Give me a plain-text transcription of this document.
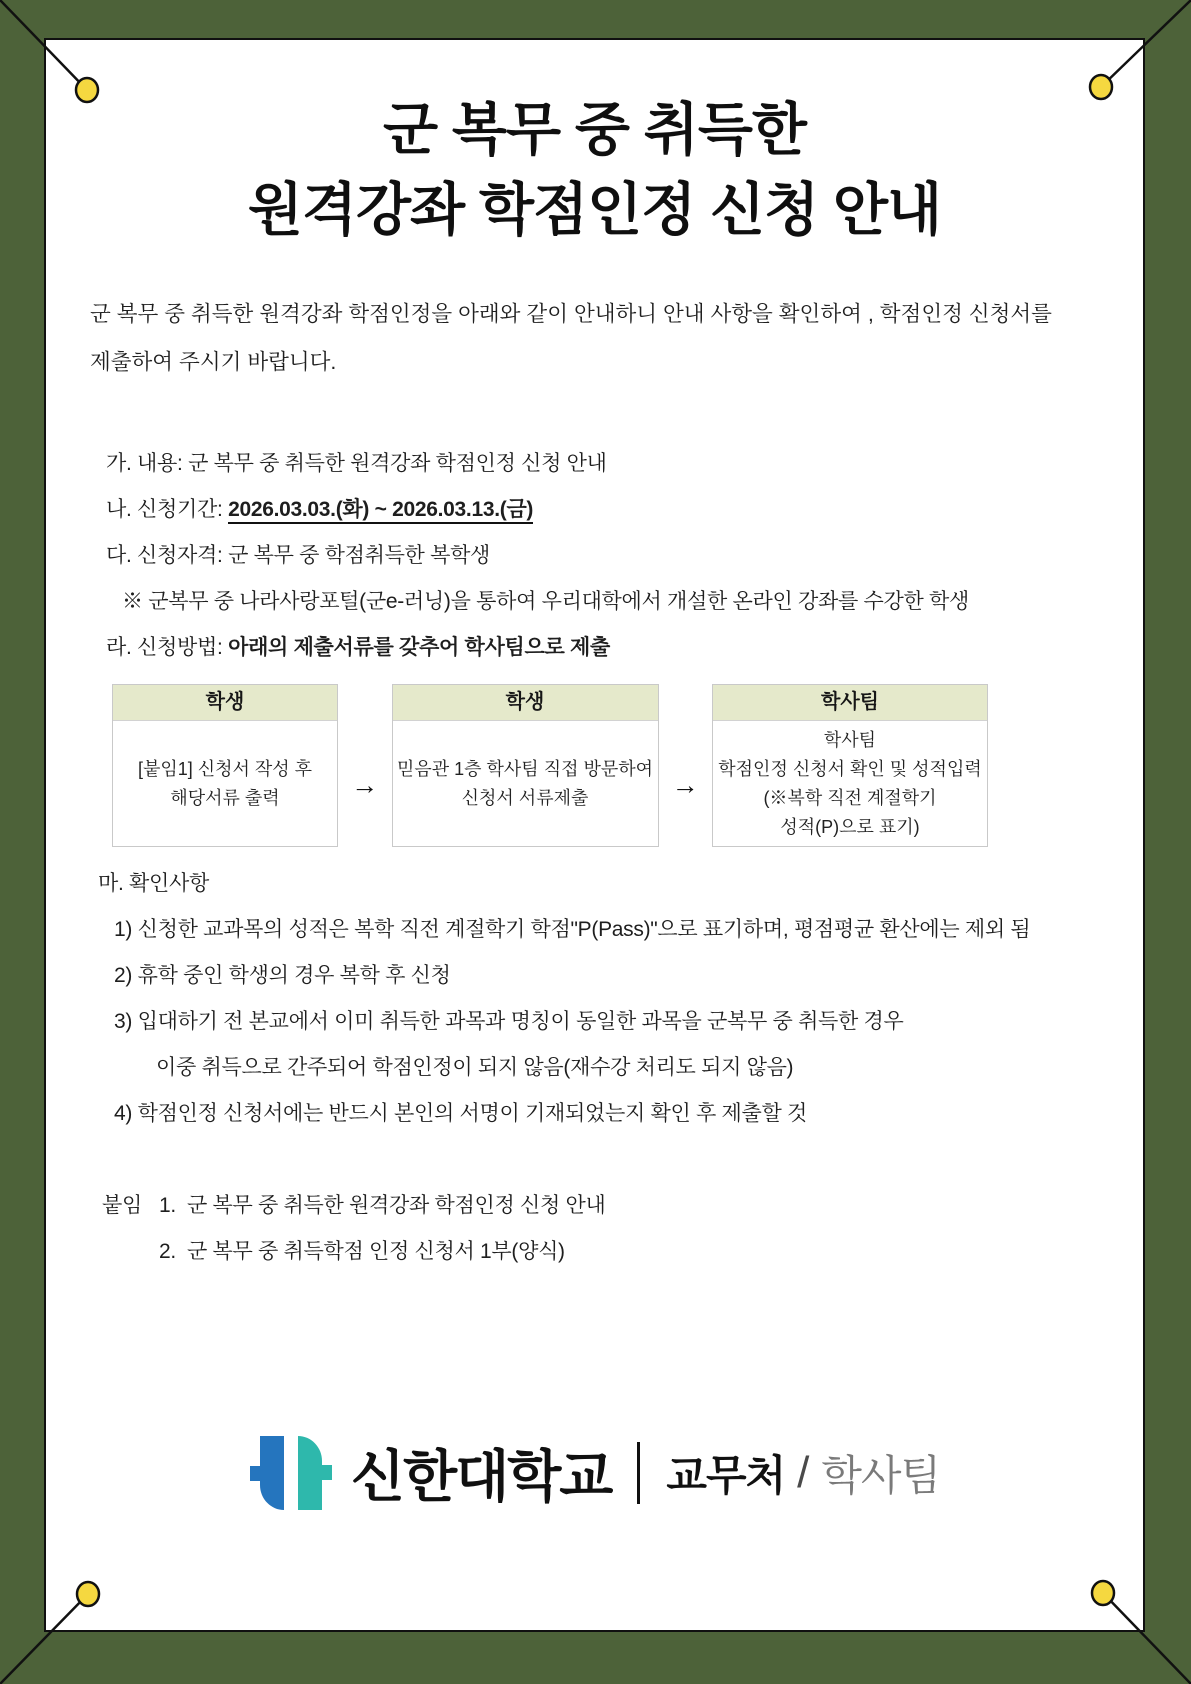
군 복무 중 취득한
원격강좌 학점인정 신청 안내
군 복무 중 취득한 원격강좌 학점인정을 아래와 같이 안내하니 안내 사항을 확인하여 , 학점인정 신청서를
제출하여 주시기 바랍니다.
가. 내용: 군 복무 중 취득한 원격강좌 학점인정 신청 안내
나. 신청기간: 2026.03.03.(화) ~ 2026.03.13.(금)
다. 신청자격: 군 복무 중 학점취득한 복학생
※ 군복무 중 나라사랑포털(군e-러닝)을 통하여 우리대학에서 개설한 온라인 강좌를 수강한 학생
라. 신청방법: 아래의 제출서류를 갖추어 학사팀으로 제출
학생
[붙임1] 신청서 작성 후
해당서류 출력	→
학생
믿음관 1층 학사팀 직접 방문하여
신청서 서류제출	→
학사팀
학사팀
학점인정 신청서 확인 및 성적입력
(※복학 직전 계절학기
성적(P)으로 표기)
마. 확인사항
1) 신청한 교과목의 성적은 복학 직전 계절학기 학점"P(Pass)"으로 표기하며, 평점평균 환산에는 제외 됨
2) 휴학 중인 학생의 경우 복학 후 신청
3) 입대하기 전 본교에서 이미 취득한 과목과 명칭이 동일한 과목을 군복무 중 취득한 경우
이중 취득으로 간주되어 학점인정이 되지 않음(재수강 처리도 되지 않음)
4) 학점인정 신청서에는 반드시 본인의 서명이 기재되었는지 확인 후 제출할 것
붙임 1. 군 복무 중 취득한 원격강좌 학점인정 신청 안내
2. 군 복무 중 취득학점 인정 신청서 1부(양식)
신한대학교 교무처 / 학사팀
